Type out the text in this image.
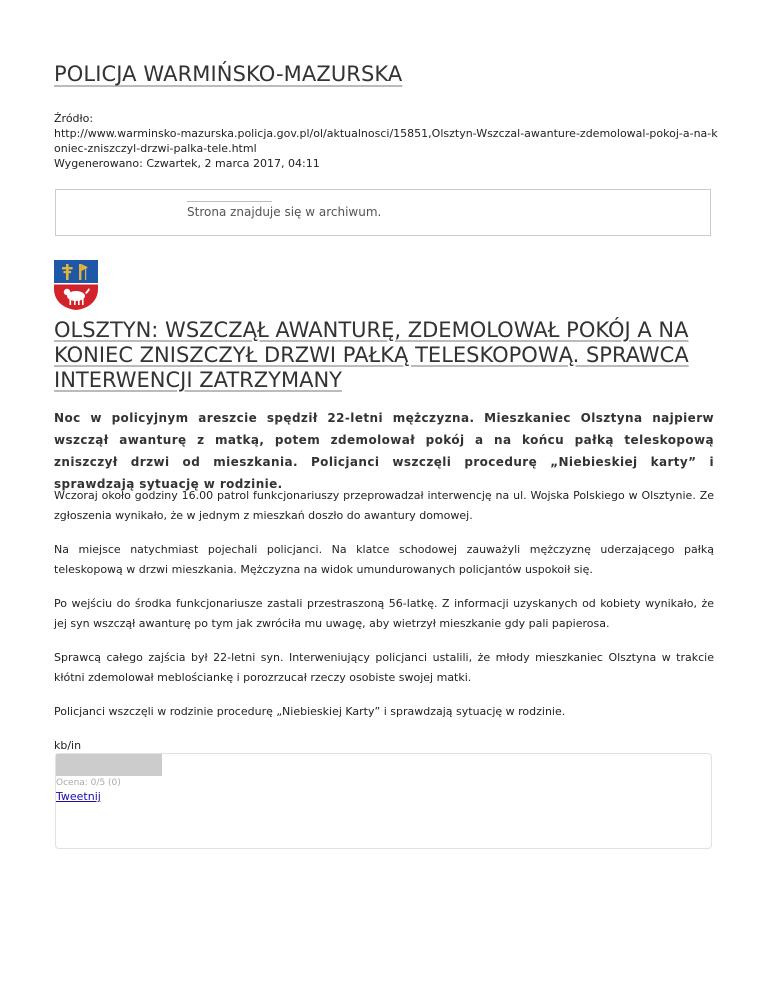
POLICJA WARMIŃSKO-MAZURSKA
Źródło:
http://www.warminsko-mazurska.policja.gov.pl/ol/aktualnosci/15851,Olsztyn-Wszczal-awanture-zdemolowal-pokoj-a-na-koniec-zniszczyl-drzwi-palka-tele.html
Wygenerowano: Czwartek, 2 marca 2017, 04:11
Strona znajduje się w archiwum.
OLSZTYN: WSZCZĄŁ AWANTURĘ, ZDEMOLOWAŁ POKÓJ A NA KONIEC ZNISZCZYŁ DRZWI PAŁKĄ TELESKOPOWĄ. SPRAWCA INTERWENCJI ZATRZYMANY

Noc w policyjnym areszcie spędził 22-letni mężczyzna. Mieszkaniec Olsztyna najpierw wszczął awanturę z matką, potem zdemolował pokój a na końcu pałką teleskopową zniszczył drzwi od mieszkania. Policjanci wszczęli procedurę „Niebieskiej karty” i sprawdzają sytuację w rodzinie.

Wczoraj około godziny 16.00 patrol funkcjonariuszy przeprowadzał interwencję na ul. Wojska Polskiego w Olsztynie. Ze zgłoszenia wynikało, że w jednym z mieszkań doszło do awantury domowej.

Na miejsce natychmiast pojechali policjanci. Na klatce schodowej zauważyli mężczyznę uderzającego pałką teleskopową w drzwi mieszkania. Mężczyzna na widok umundurowanych policjantów uspokoił się.

Po wejściu do środka funkcjonariusze zastali przestraszoną 56-latkę. Z informacji uzyskanych od kobiety wynikało, że jej syn wszczął awanturę po tym jak zwróciła mu uwagę, aby wietrzył mieszkanie gdy pali papierosa.

Sprawcą całego zajścia był 22-letni syn. Interweniujący policjanci ustalili, że młody mieszkaniec Olsztyna w trakcie kłótni zdemolował meblościankę i porozrzucał rzeczy osobiste swojej matki.

Policjanci wszczęli w rodzinie procedurę „Niebieskiej Karty” i sprawdzają sytuację w rodzinie.

kb/in

Ocena: 0/5 (0)
Tweetnij
